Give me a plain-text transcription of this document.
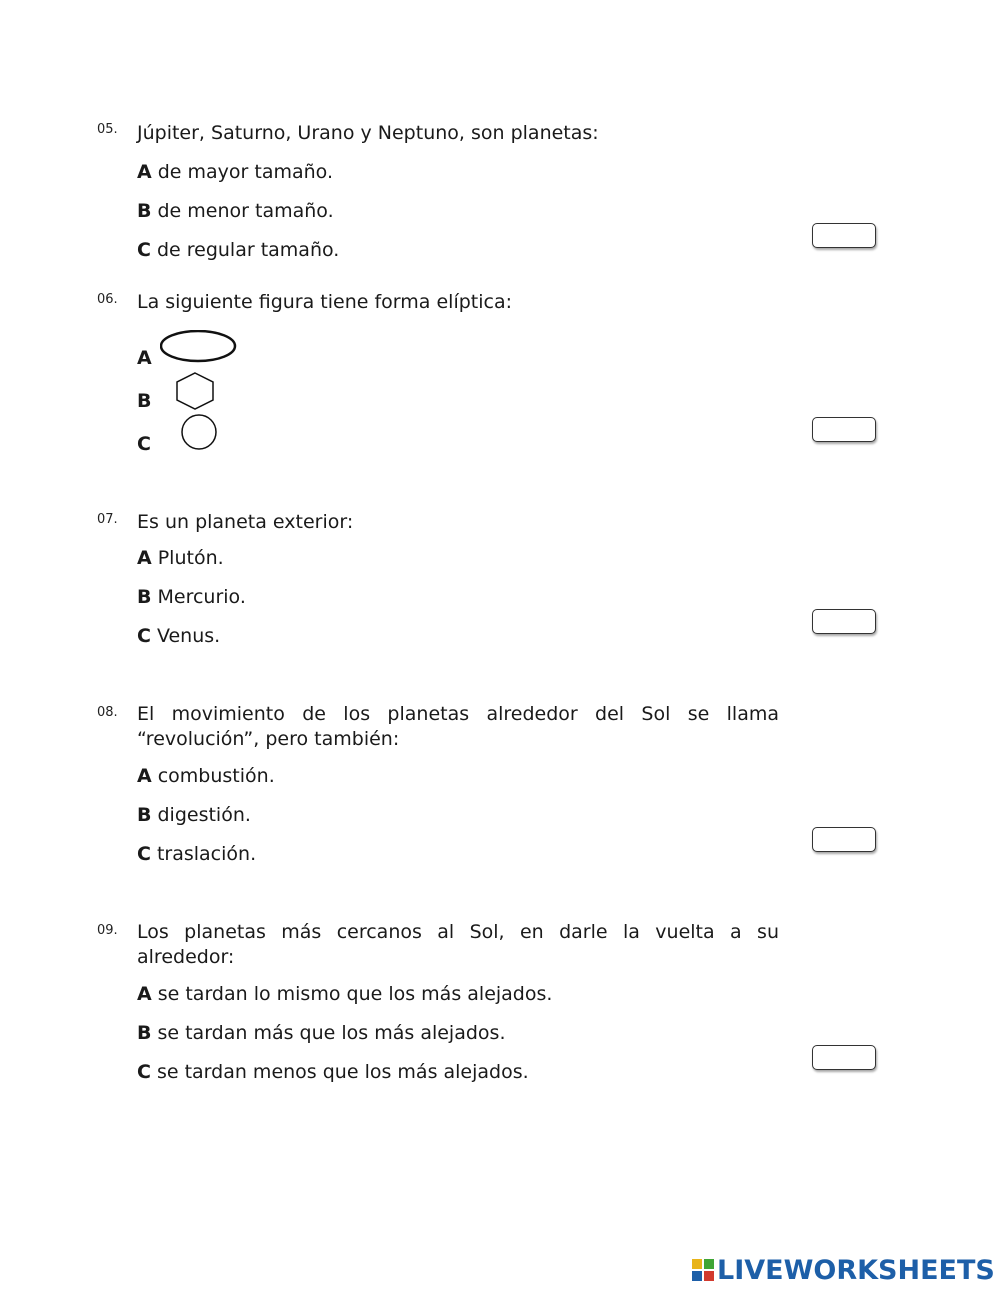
05. Júpiter, Saturno, Urano y Neptuno, son planetas:
A de mayor tamaño.
B de menor tamaño.
C de regular tamaño.
06. La siguiente figura tiene forma elíptica:
A
B
C
07. Es un planeta exterior:
A Plutón.
B Mercurio.
C Venus.
08. El movimiento de los planetas alrededor del Sol se llama “revolución”, pero también:
A combustión.
B digestión.
C traslación.
09. Los planetas más cercanos al Sol, en darle la vuelta a su alrededor:
A se tardan lo mismo que los más alejados.
B se tardan más que los más alejados.
C se tardan menos que los más alejados.
LIVEWORKSHEETS
